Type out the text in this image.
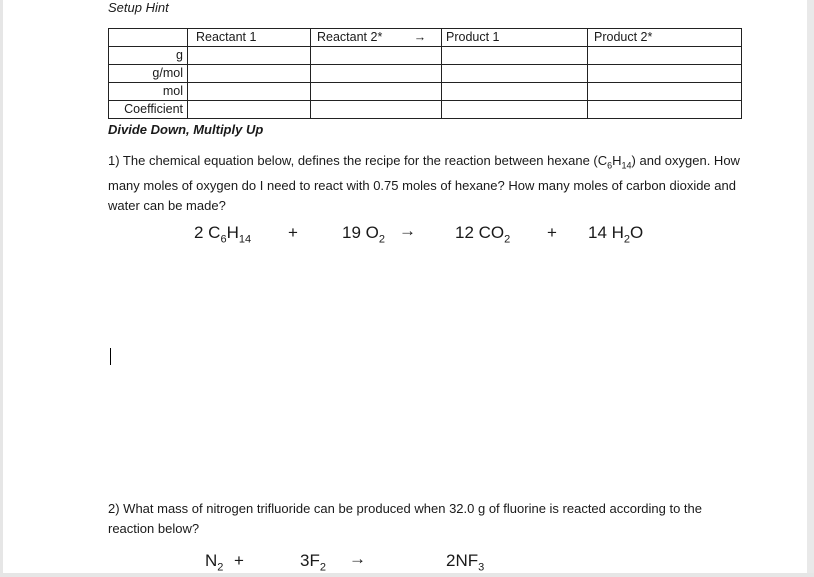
Setup Hint
	Reactant 1	Reactant 2* →	Product 1	Product 2*
g				
g/mol				
mol				
Coefficient				
Divide Down, Multiply Up
1) The chemical equation below, defines the recipe for the reaction between hexane $(C_6H_{14})$ and oxygen. How many moles of oxygen do I need to react with 0.75 moles of hexane? How many moles of carbon dioxide and water can be made?
2 $C_6H_{14}$ +	19 $O_2 \to 12$ $CO_2 + 14$ $H_2O$
2) What mass of nitrogen trifluoride can be produced when 32.0 g of fluorine is reacted according to the reaction below?
$N_2$ +	$3F_2$ →	$2NF_3$
